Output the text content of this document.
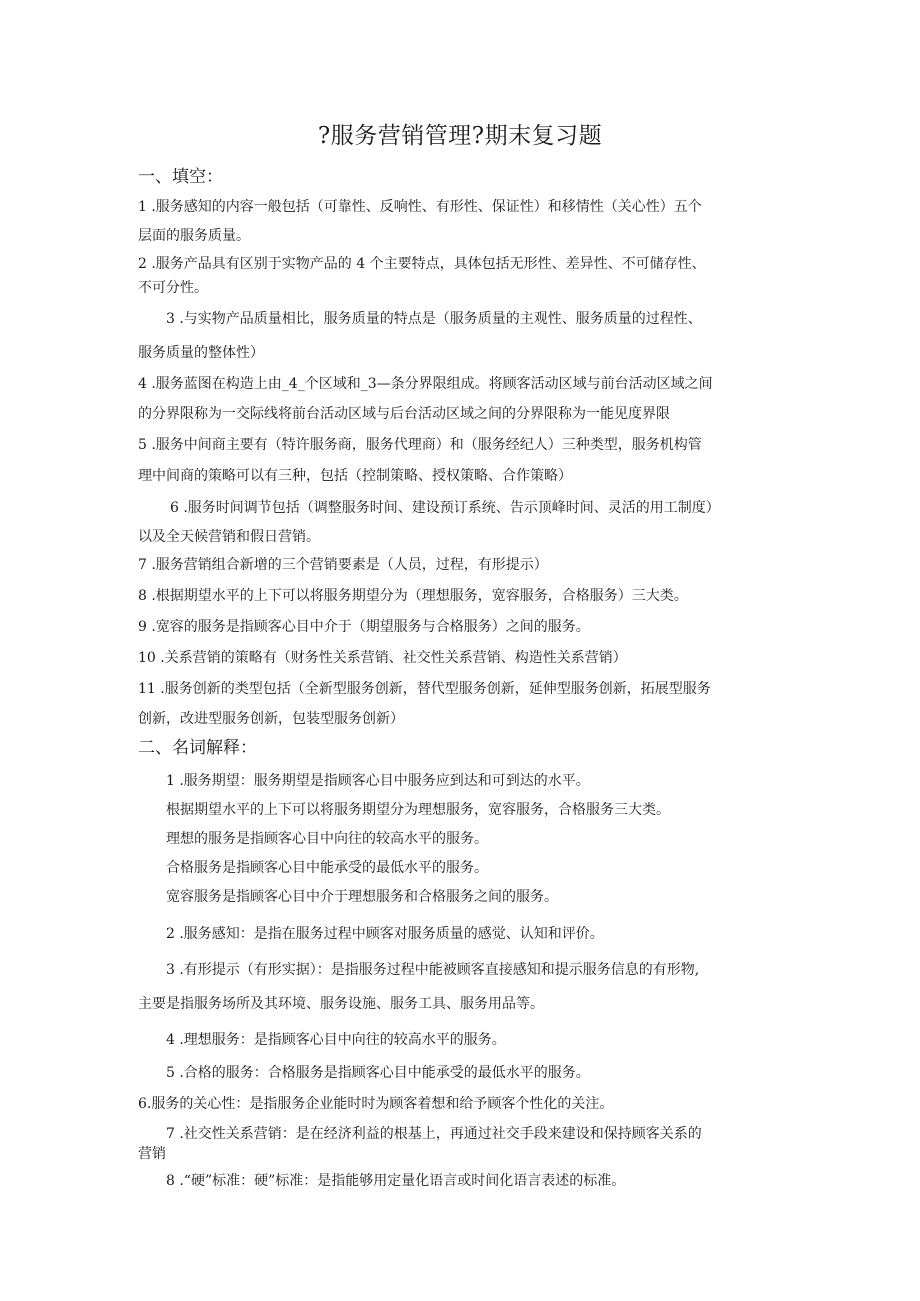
?服务营销管理?期末复习题
一、填空：
1 .服务感知的内容一般包括（可靠性、反响性、有形性、保证性）和移情性（关心性）五个
层面的服务质量。
2 .服务产品具有区别于实物产品的 4 个主要特点，具体包括无形性、差异性、不可储存性、
不可分性。
3 .与实物产品质量相比，服务质量的特点是（服务质量的主观性、服务质量的过程性、
服务质量的整体性）
4 .服务蓝图在构造上由_4_个区域和_3—条分界限组成。将顾客活动区域与前台活动区域之间
的分界限称为一交际线将前台活动区域与后台活动区域之间的分界限称为一能见度界限
5 .服务中间商主要有（特许服务商，服务代理商）和（服务经纪人）三种类型，服务机构管
理中间商的策略可以有三种，包括（控制策略、授权策略、合作策略）
6 .服务时间调节包括（调整服务时间、建设预订系统、告示顶峰时间、灵活的用工制度）
以及全天候营销和假日营销。
7 .服务营销组合新增的三个营销要素是（人员，过程，有形提示）
8 .根据期望水平的上下可以将服务期望分为（理想服务，宽容服务，合格服务）三大类。
9 .宽容的服务是指顾客心目中介于（期望服务与合格服务）之间的服务。
10 .关系营销的策略有（财务性关系营销、社交性关系营销、构造性关系营销）
11 .服务创新的类型包括（全新型服务创新，替代型服务创新，延伸型服务创新，拓展型服务
创新，改进型服务创新，包装型服务创新）
二、名词解释：
1 .服务期望：服务期望是指顾客心目中服务应到达和可到达的水平。
根据期望水平的上下可以将服务期望分为理想服务，宽容服务，合格服务三大类。
理想的服务是指顾客心目中向往的较高水平的服务。
合格服务是指顾客心目中能承受的最低水平的服务。
宽容服务是指顾客心目中介于理想服务和合格服务之间的服务。
2 .服务感知：是指在服务过程中顾客对服务质量的感觉、认知和评价。
3 .有形提示（有形实据）：是指服务过程中能被顾客直接感知和提示服务信息的有形物,
主要是指服务场所及其环境、服务设施、服务工具、服务用品等。
4 .理想服务：是指顾客心目中向往的较高水平的服务。
5 .合格的服务：合格服务是指顾客心目中能承受的最低水平的服务。
6.服务的关心性：是指服务企业能时时为顾客着想和给予顾客个性化的关注。
7 .社交性关系营销：是在经济利益的根基上，再通过社交手段来建设和保持顾客关系的
营销
8 .“硬”标准：硬”标准：是指能够用定量化语言或时间化语言表述的标准。
